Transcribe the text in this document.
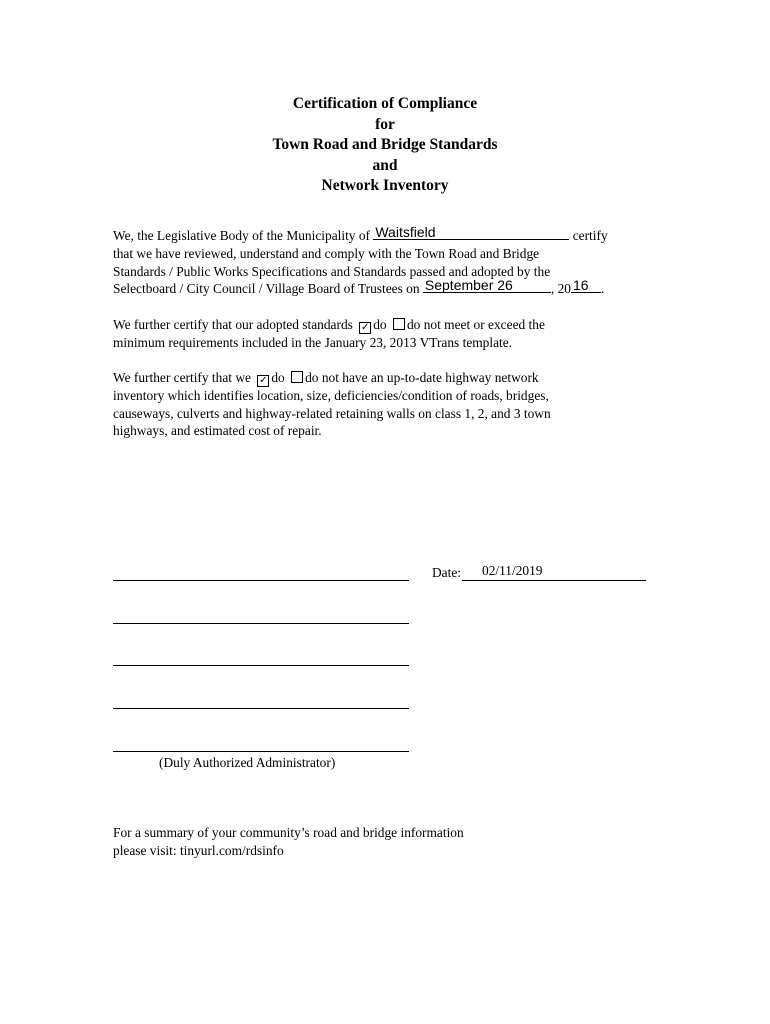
Certification of Compliance
for
Town Road and Bridge Standards
and
Network Inventory
We, the Legislative Body of the Municipality of Waitsfield	certify
that we have reviewed, understand and comply with the Town Road and Bridge
Standards / Public Works Specifications and Standards passed and adopted by the
Selectboard / City Council / Village Board of Trustees on September 26	, 20 16 .
We further certify that our adopted standards ✓ do do not meet or exceed the
minimum requirements included in the January 23, 2013 VTrans template.
We further certify that we ✓ do do not have an up-to-date highway network
inventory which identifies location, size, deficiencies/condition of roads, bridges,
causeways, culverts and highway-related retaining walls on class 1, 2, and 3 town
highways, and estimated cost of repair.
Date: 02/11/2019
(Duly Authorized Administrator)
For a summary of your community’s road and bridge information
please visit: tinyurl.com/rdsinfo
